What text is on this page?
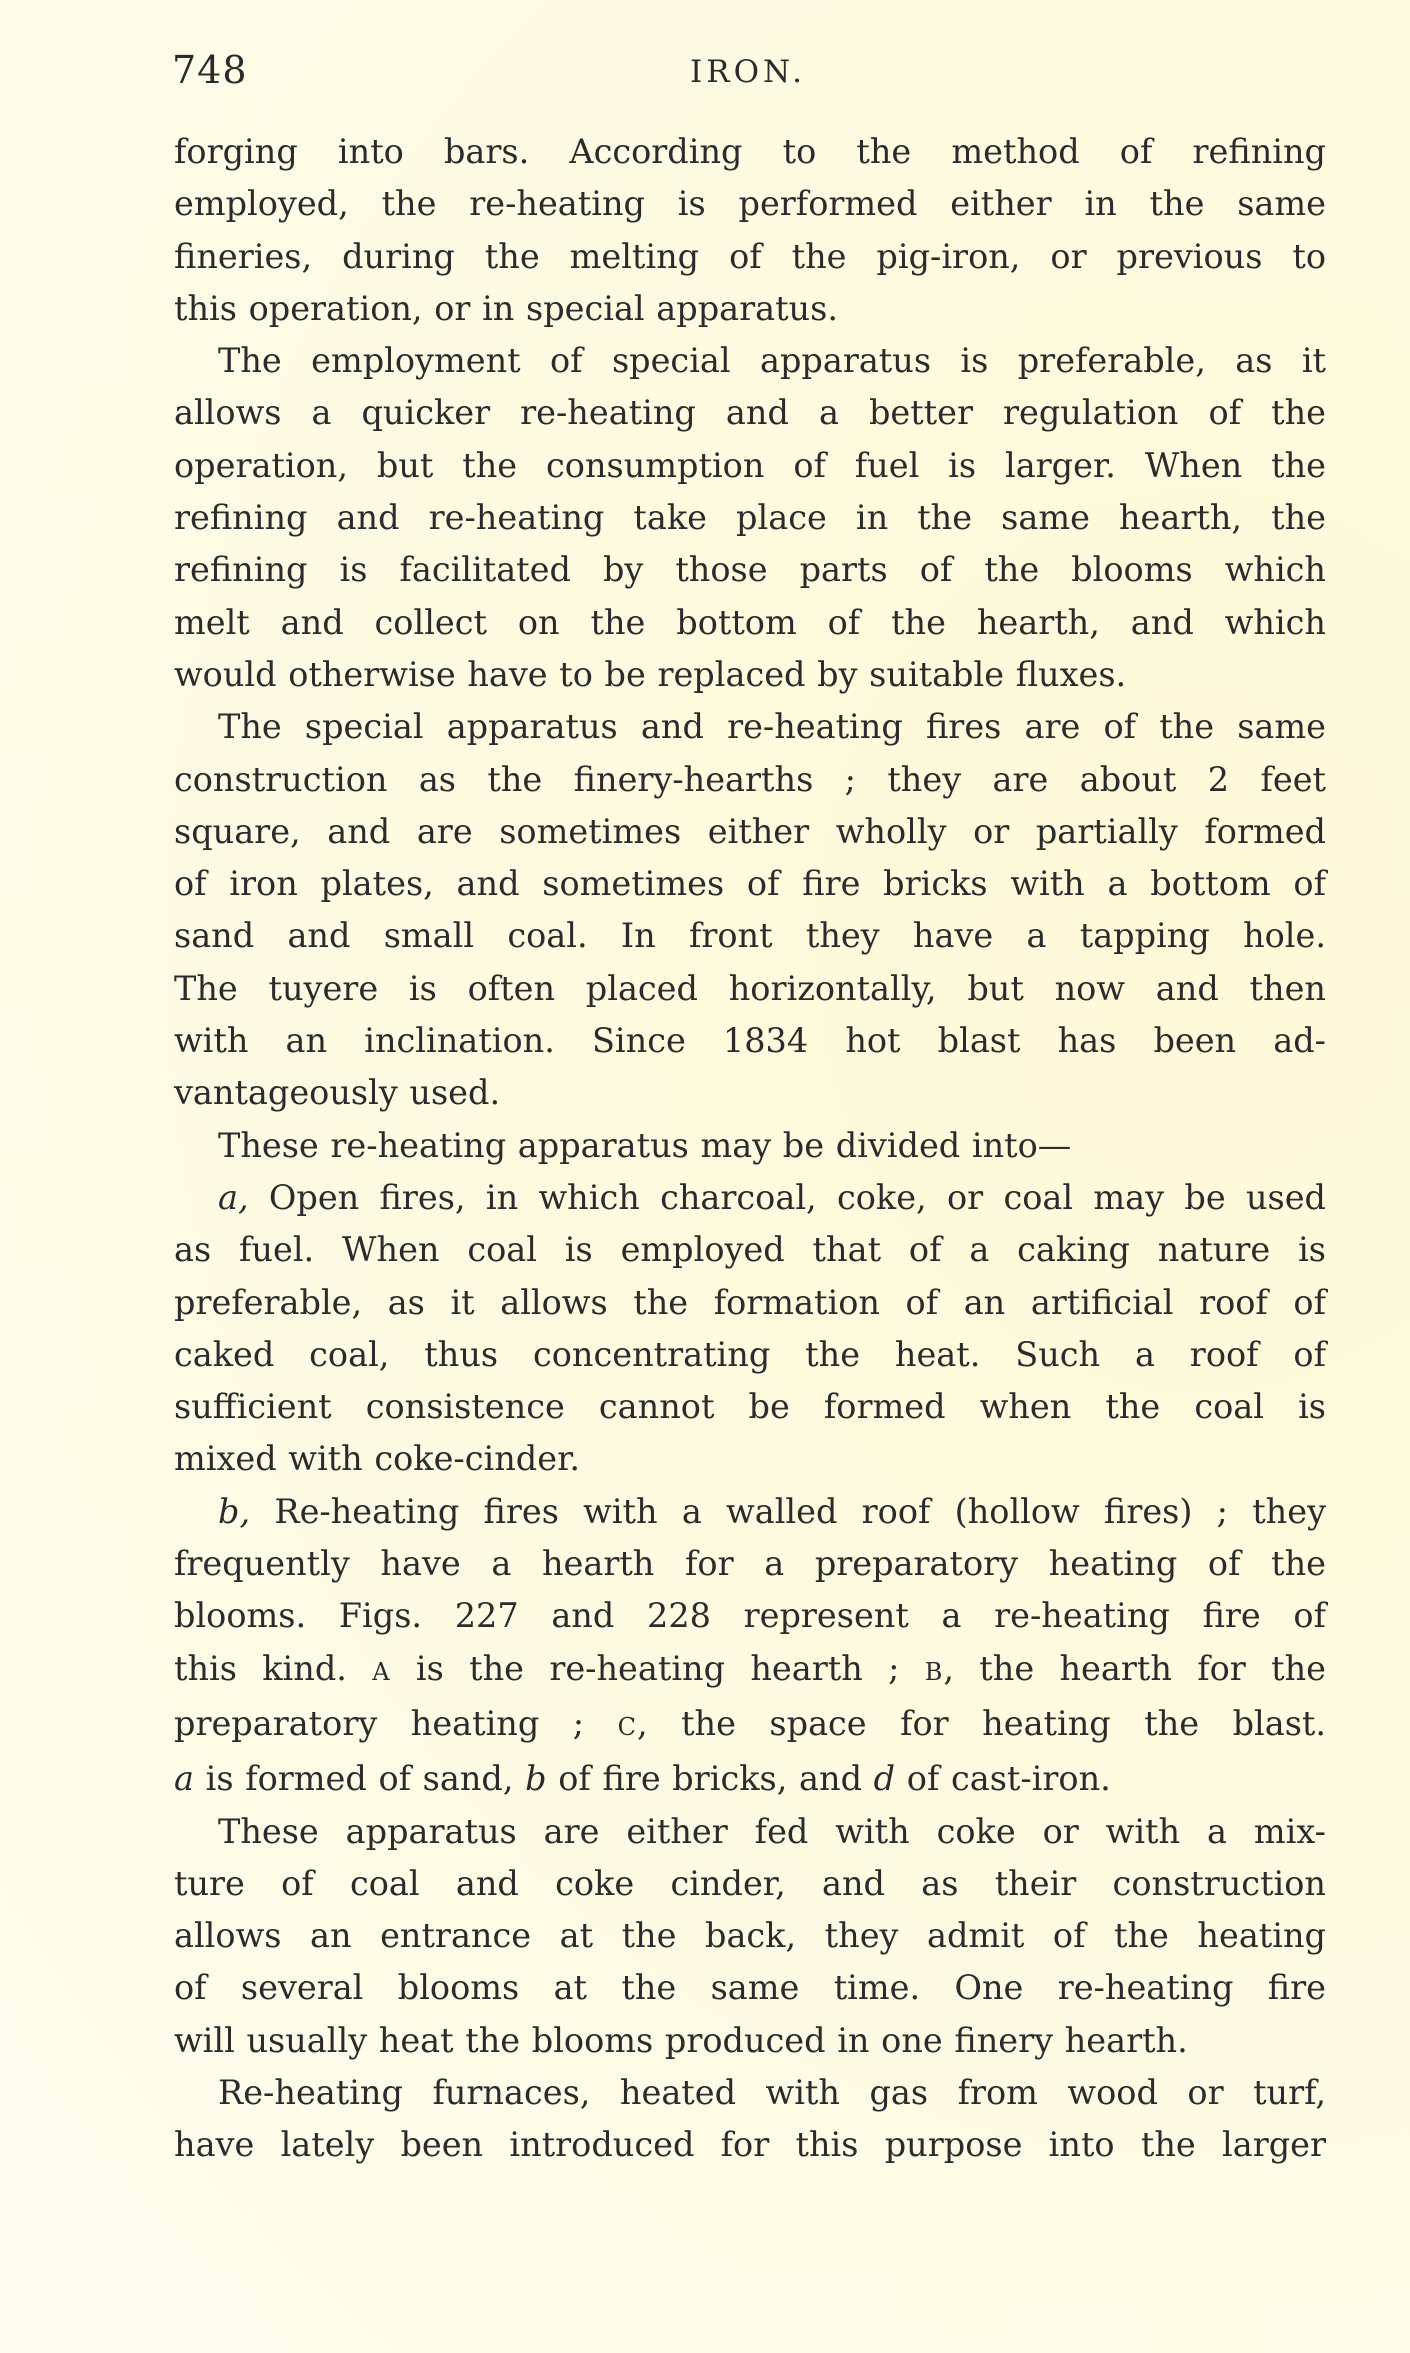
748	IRON.

forging into bars. According to the method of refining

employed, the re-heating is performed either in the same

fineries, during the melting of the pig-iron, or previous to

this operation, or in special apparatus.

The employment of special apparatus is preferable, as it

allows a quicker re-heating and a better regulation of the

operation, but the consumption of fuel is larger. When the

refining and re-heating take place in the same hearth, the

refining is facilitated by those parts of the blooms which

melt and collect on the bottom of the hearth, and which

would otherwise have to be replaced by suitable fluxes.

The special apparatus and re-heating fires are of the same

construction as the finery-hearths ; they are about 2 feet

square, and are sometimes either wholly or partially formed

of iron plates, and sometimes of fire bricks with a bottom of

sand and small coal. In front they have a tapping hole.

The tuyere is often placed horizontally, but now and then

with an inclination. Since 1834 hot blast has been ad-

vantageously used.

These re-heating apparatus may be divided into—

a, Open fires, in which charcoal, coke, or coal may be used

as fuel. When coal is employed that of a caking nature is

preferable, as it allows the formation of an artificial roof of

caked coal, thus concentrating the heat. Such a roof of

sufficient consistence cannot be formed when the coal is

mixed with coke-cinder.

b, Re-heating fires with a walled roof (hollow fires) ; they

frequently have a hearth for a preparatory heating of the

blooms. Figs. 227 and 228 represent a re-heating fire of

this kind. A is the re-heating hearth ; B, the hearth for the

preparatory heating ; C, the space for heating the blast.

a is formed of sand, b of fire bricks, and d of cast-iron.

These apparatus are either fed with coke or with a mix-

ture of coal and coke cinder, and as their construction

allows an entrance at the back, they admit of the heating

of several blooms at the same time. One re-heating fire

will usually heat the blooms produced in one finery hearth.

Re-heating furnaces, heated with gas from wood or turf,

have lately been introduced for this purpose into the larger
